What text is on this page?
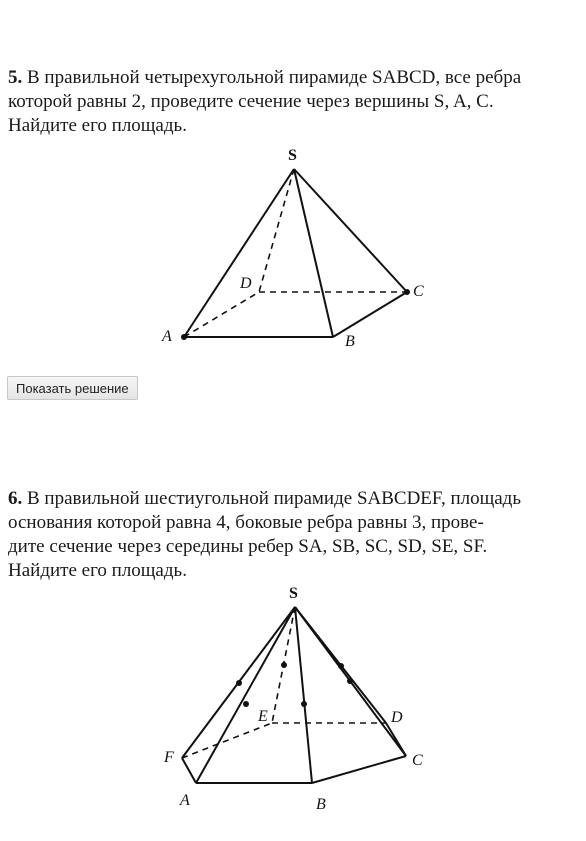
5. В правильной четырехугольной пирамиде SABCD, все ребра
которой равны 2, проведите сечение через вершины S, A, C.
Найдите его площадь.
S
A	B
C
D
Показать решение
6. В правильной шестиугольной пирамиде SABCDEF, площадь
основания которой равна 4, боковые ребра равны 3, прове-
дите сечение через середины ребер SA, SB, SC, SD, SE, SF.
Найдите его площадь.
S
A	B
C
D
E
F
